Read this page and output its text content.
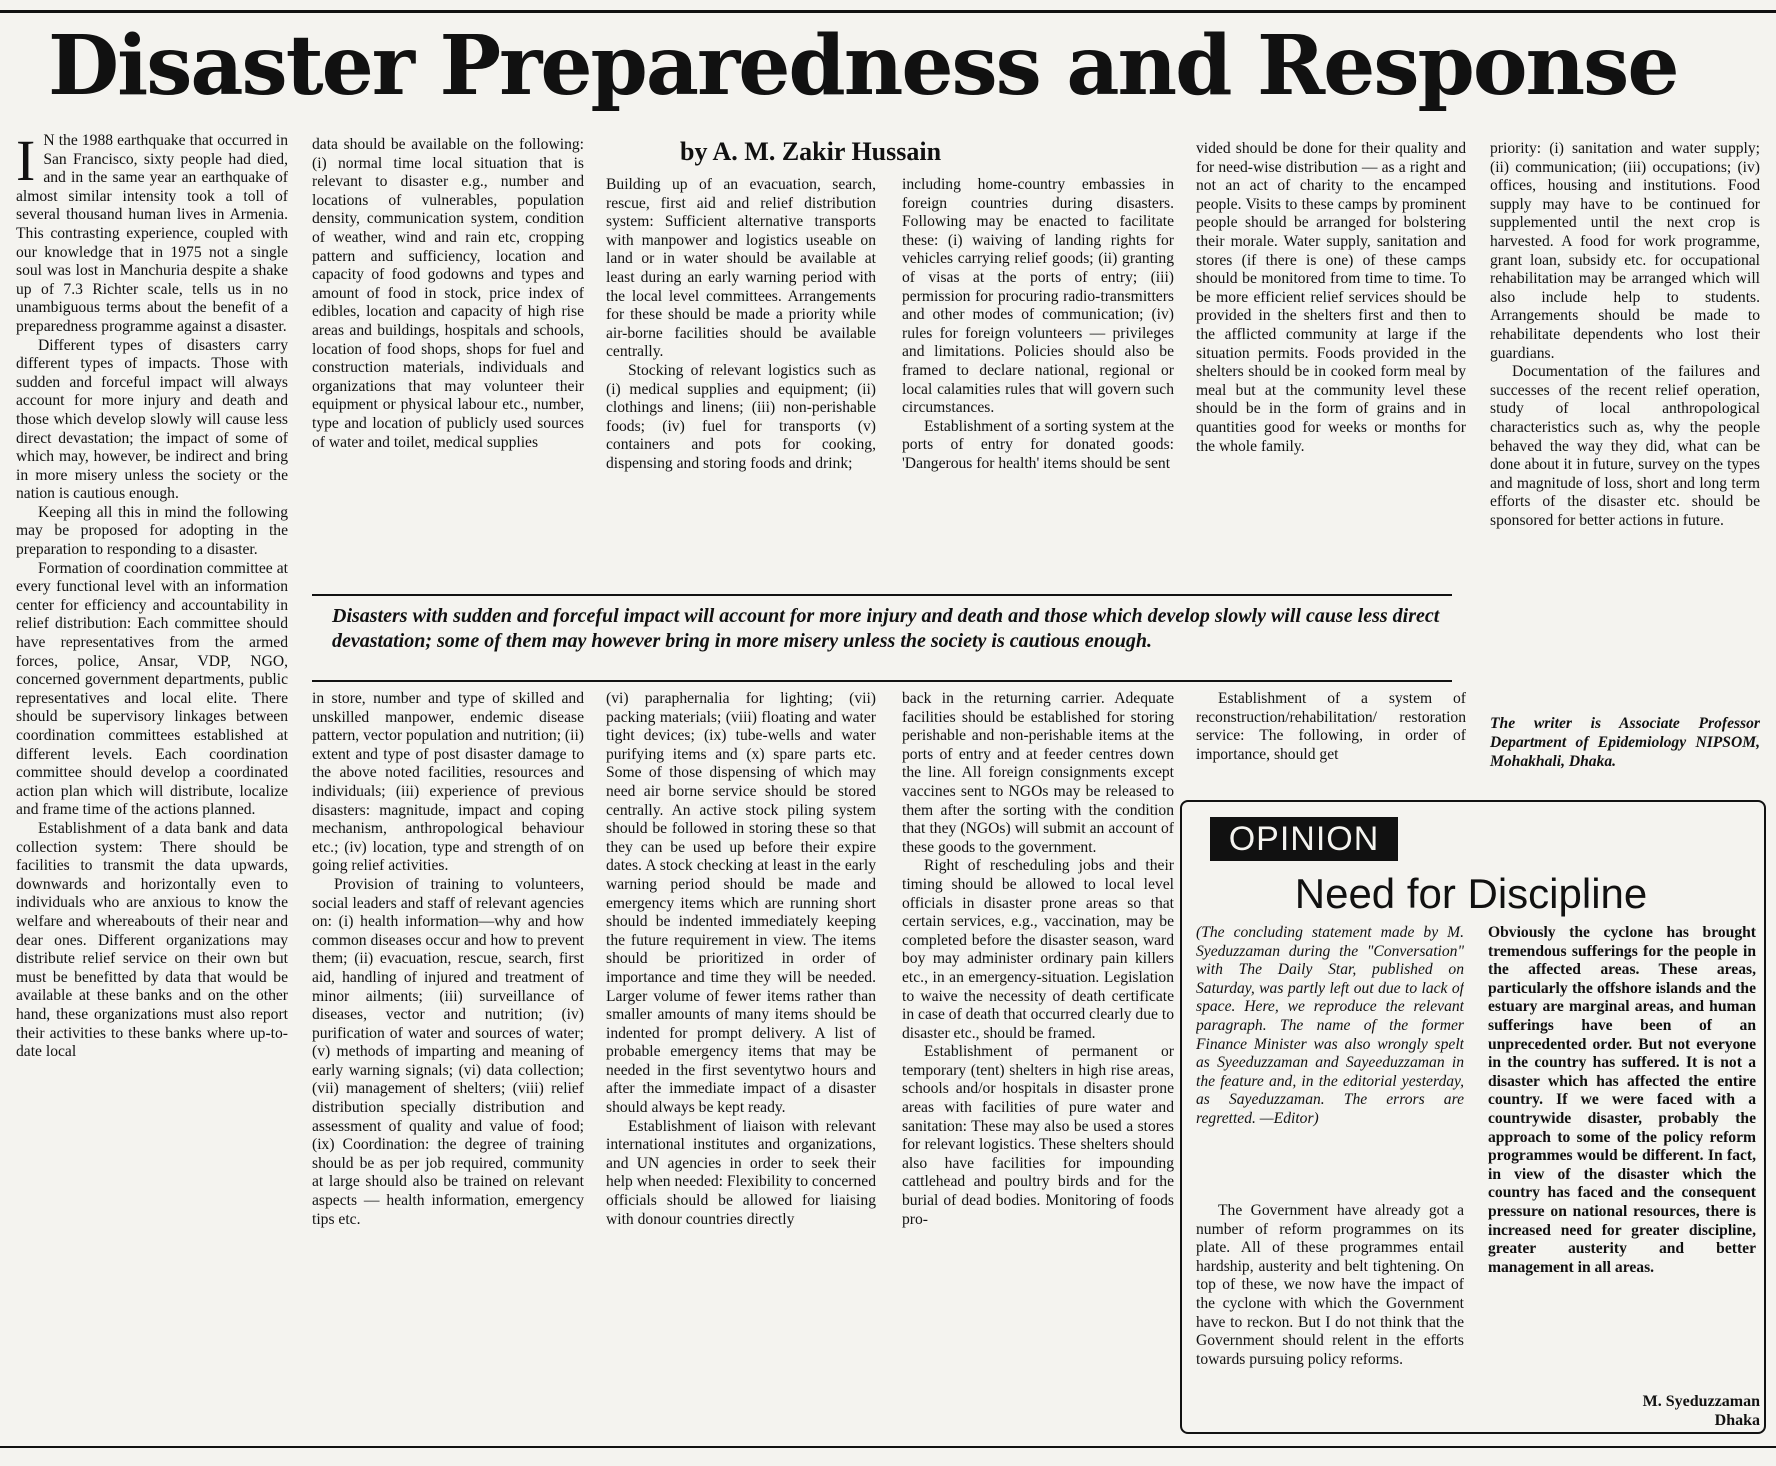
Disaster Preparedness and Response
by A. M. Zakir Hussain
I N the 1988 earthquake that occurred in San Francisco, sixty people had died, and in the same year an earthquake of almost similar intensity took a toll of several thousand human lives in Armenia. This contrasting experience, coupled with our knowledge that in 1975 not a single soul was lost in Manchuria despite a shake up of 7.3 Richter scale, tells us in no unambiguous terms about the benefit of a preparedness programme against a disaster.

Different types of disasters carry different types of impacts. Those with sudden and forceful impact will always account for more injury and death and those which develop slowly will cause less direct devastation; the impact of some of which may, however, be indirect and bring in more misery unless the society or the nation is cautious enough.

Keeping all this in mind the following may be proposed for adopting in the preparation to responding to a disaster.

Formation of coordination committee at every functional level with an information center for efficiency and accountability in relief distribution: Each committee should have representatives from the armed forces, police, Ansar, VDP, NGO, concerned government departments, public representatives and local elite. There should be supervisory linkages between coordination committees established at different levels. Each coordination committee should develop a coordinated action plan which will distribute, localize and frame time of the actions planned.

Establishment of a data bank and data collection system: There should be facilities to transmit the data upwards, downwards and horizontally even to individuals who are anxious to know the welfare and whereabouts of their near and dear ones. Different organizations may distribute relief service on their own but must be benefitted by data that would be available at these banks and on the other hand, these organizations must also report their activities to these banks where up-to-date local

data should be available on the following: (i) normal time local situation that is relevant to disaster e.g., number and locations of vulnerables, population density, communication system, condition of weather, wind and rain etc, cropping pattern and sufficiency, location and capacity of food godowns and types and amount of food in stock, price index of edibles, location and capacity of high rise areas and buildings, hospitals and schools, location of food shops, shops for fuel and construction materials, individuals and organizations that may volunteer their equipment or physical labour etc., number, type and location of publicly used sources of water and toilet, medical supplies

Building up of an evacuation, search, rescue, first aid and relief distribution system: Sufficient alternative transports with manpower and logistics useable on land or in water should be available at least during an early warning period with the local level committees. Arrangements for these should be made a priority while air-borne facilities should be available centrally.

Stocking of relevant logistics such as (i) medical supplies and equipment; (ii) clothings and linens; (iii) non-perishable foods; (iv) fuel for transports (v) containers and pots for cooking, dispensing and storing foods and drink;

including home-country embassies in foreign countries during disasters. Following may be enacted to facilitate these: (i) waiving of landing rights for vehicles carrying relief goods; (ii) granting of visas at the ports of entry; (iii) permission for procuring radio-transmitters and other modes of communication; (iv) rules for foreign volunteers — privileges and limitations. Policies should also be framed to declare national, regional or local calamities rules that will govern such circumstances.

Establishment of a sorting system at the ports of entry for donated goods: 'Dangerous for health' items should be sent

vided should be done for their quality and for need-wise distribution — as a right and not an act of charity to the encamped people. Visits to these camps by prominent people should be arranged for bolstering their morale. Water supply, sanitation and stores (if there is one) of these camps should be monitored from time to time. To be more efficient relief services should be provided in the shelters first and then to the afflicted community at large if the situation permits. Foods provided in the shelters should be in cooked form meal by meal but at the community level these should be in the form of grains and in quantities good for weeks or months for the whole family.

priority: (i) sanitation and water supply; (ii) communication; (iii) occupations; (iv) offices, housing and institutions. Food supply may have to be continued for supplemented until the next crop is harvested. A food for work programme, grant loan, subsidy etc. for occupational rehabilitation may be arranged which will also include help to students. Arrangements should be made to rehabilitate dependents who lost their guardians.

Documentation of the failures and successes of the recent relief operation, study of local anthropological characteristics such as, why the people behaved the way they did, what can be done about it in future, survey on the types and magnitude of loss, short and long term efforts of the disaster etc. should be sponsored for better actions in future.

The writer is Associate Professor Department of Epidemiology NIPSOM, Mohakhali, Dhaka.
Disasters with sudden and forceful impact will account for more injury and death and those which develop slowly will cause less direct devastation; some of them may however bring in more misery unless the society is cautious enough.

in store, number and type of skilled and unskilled manpower, endemic disease pattern, vector population and nutrition; (ii) extent and type of post disaster damage to the above noted facilities, resources and individuals; (iii) experience of previous disasters: magnitude, impact and coping mechanism, anthropological behaviour etc.; (iv) location, type and strength of on going relief activities.

Provision of training to volunteers, social leaders and staff of relevant agencies on: (i) health information—why and how common diseases occur and how to prevent them; (ii) evacuation, rescue, search, first aid, handling of injured and treatment of minor ailments; (iii) surveillance of diseases, vector and nutrition; (iv) purification of water and sources of water; (v) methods of imparting and meaning of early warning signals; (vi) data collection; (vii) management of shelters; (viii) relief distribution specially distribution and assessment of quality and value of food; (ix) Coordination: the degree of training should be as per job required, community at large should also be trained on relevant aspects — health information, emergency tips etc.

(vi) paraphernalia for lighting; (vii) packing materials; (viii) floating and water tight devices; (ix) tube-wells and water purifying items and (x) spare parts etc. Some of those dispensing of which may need air borne service should be stored centrally. An active stock piling system should be followed in storing these so that they can be used up before their expire dates. A stock checking at least in the early warning period should be made and emergency items which are running short should be indented immediately keeping the future requirement in view. The items should be prioritized in order of importance and time they will be needed. Larger volume of fewer items rather than smaller amounts of many items should be indented for prompt delivery. A list of probable emergency items that may be needed in the first seventytwo hours and after the immediate impact of a disaster should always be kept ready.

Establishment of liaison with relevant international institutes and organizations, and UN agencies in order to seek their help when needed: Flexibility to concerned officials should be allowed for liaising with donour countries directly

back in the returning carrier. Adequate facilities should be established for storing perishable and non-perishable items at the ports of entry and at feeder centres down the line. All foreign consignments except vaccines sent to NGOs may be released to them after the sorting with the condition that they (NGOs) will submit an account of these goods to the government.

Right of rescheduling jobs and their timing should be allowed to local level officials in disaster prone areas so that certain services, e.g., vaccination, may be completed before the disaster season, ward boy may administer ordinary pain killers etc., in an emergency-situation. Legislation to waive the necessity of death certificate in case of death that occurred clearly due to disaster etc., should be framed.

Establishment of permanent or temporary (tent) shelters in high rise areas, schools and/or hospitals in disaster prone areas with facilities of pure water and sanitation: These may also be used a stores for relevant logistics. These shelters should also have facilities for impounding cattlehead and poultry birds and for the burial of dead bodies. Monitoring of foods pro-

Establishment of a system of reconstruction/rehabilitation/ restoration service: The following, in order of importance, should get

OPINION
Need for Discipline

(The concluding statement made by M. Syeduzzaman during the "Conversation" with The Daily Star, published on Saturday, was partly left out due to lack of space. Here, we reproduce the relevant paragraph. The name of the former Finance Minister was also wrongly spelt as Syeeduzzaman and Sayeeduzzaman in the feature and, in the editorial yesterday, as Sayeduzzaman. The errors are regretted. —Editor)

The Government have already got a number of reform programmes on its plate. All of these programmes entail hardship, austerity and belt tightening. On top of these, we now have the impact of the cyclone with which the Government have to reckon. But I do not think that the Government should relent in the efforts towards pursuing policy reforms.

Obviously the cyclone has brought tremendous sufferings for the people in the affected areas. These areas, particularly the offshore islands and the estuary are marginal areas, and human sufferings have been of an unprecedented order. But not everyone in the country has suffered. It is not a disaster which has affected the entire country. If we were faced with a countrywide disaster, probably the approach to some of the policy reform programmes would be different. In fact, in view of the disaster which the country has faced and the consequent pressure on national resources, there is increased need for greater discipline, greater austerity and better management in all areas.

M. Syeduzzaman
Dhaka
